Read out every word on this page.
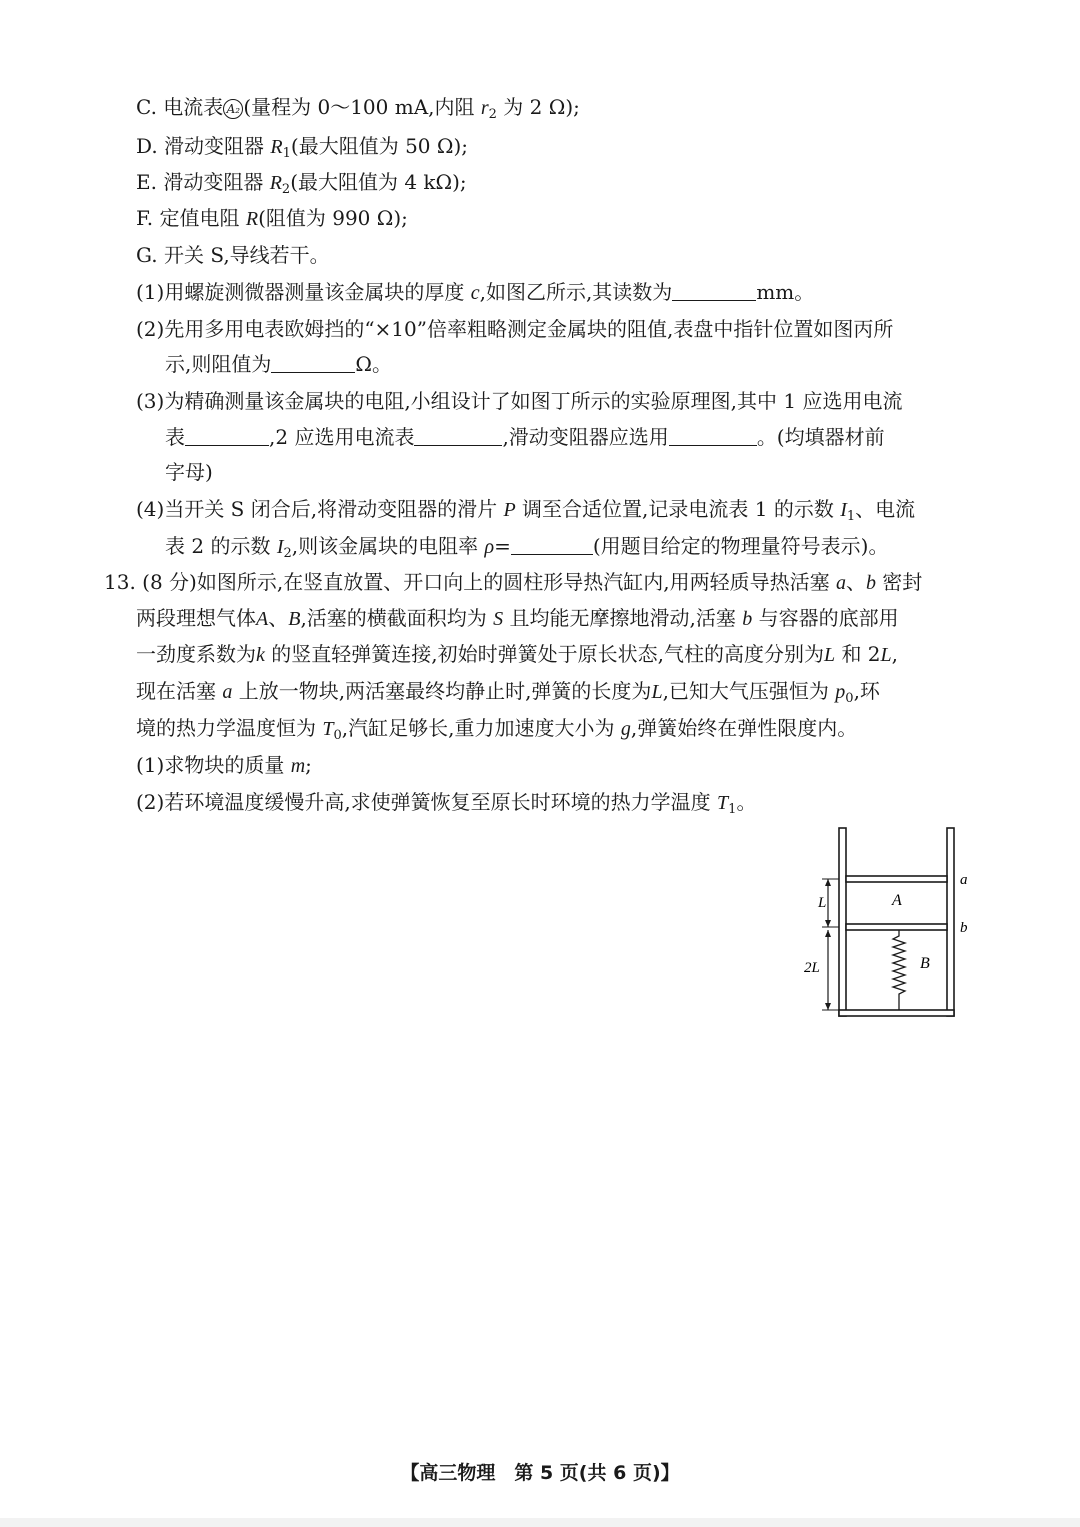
C. 电流表 A₂ (量程为 0～100 mA,内阻 $r_2$ 为 2 Ω);
D. 滑动变阻器 $R_1$(最大阻值为 50 Ω);
E. 滑动变阻器 $R_2$(最大阻值为 4 kΩ);
F. 定值电阻 R(阻值为 990 Ω);
G. 开关 S,导线若干。
(1)用螺旋测微器测量该金属块的厚度 c,如图乙所示,其读数为	mm。
(2)先用多用电表欧姆挡的“×10”倍率粗略测定金属块的阻值,表盘中指针位置如图丙所
示,则阻值为	Ω。
(3)为精确测量该金属块的电阻,小组设计了如图丁所示的实验原理图,其中 1 应选用电流
表	,2 应选用电流表	,滑动变阻器应选用	。(均填器材前
字母)
(4)当开关 S 闭合后,将滑动变阻器的滑片 P 调至合适位置,记录电流表 1 的示数 $I_1$、电流
表 2 的示数 $I_2$,则该金属块的电阻率 ρ=	(用题目给定的物理量符号表示)。
13. (8 分)如图所示,在竖直放置、开口向上的圆柱形导热汽缸内,用两轻质导热活塞 a、b 密封
两段理想气体A、B,活塞的横截面积均为 S 且均能无摩擦地滑动,活塞 b 与容器的底部用
一劲度系数为k 的竖直轻弹簧连接,初始时弹簧处于原长状态,气柱的高度分别为L 和 2L,
现在活塞 a 上放一物块,两活塞最终均静止时,弹簧的长度为L,已知大气压强恒为 $p_0$,环
境的热力学温度恒为 $T_0$,汽缸足够长,重力加速度大小为 g,弹簧始终在弹性限度内。
(1)求物块的质量 m;
(2)若环境温度缓慢升高,求使弹簧恢复至原长时环境的热力学温度 $T_1$。
L
2L
A
B
a
b
【高三物理　第 5 页(共 6 页)】
